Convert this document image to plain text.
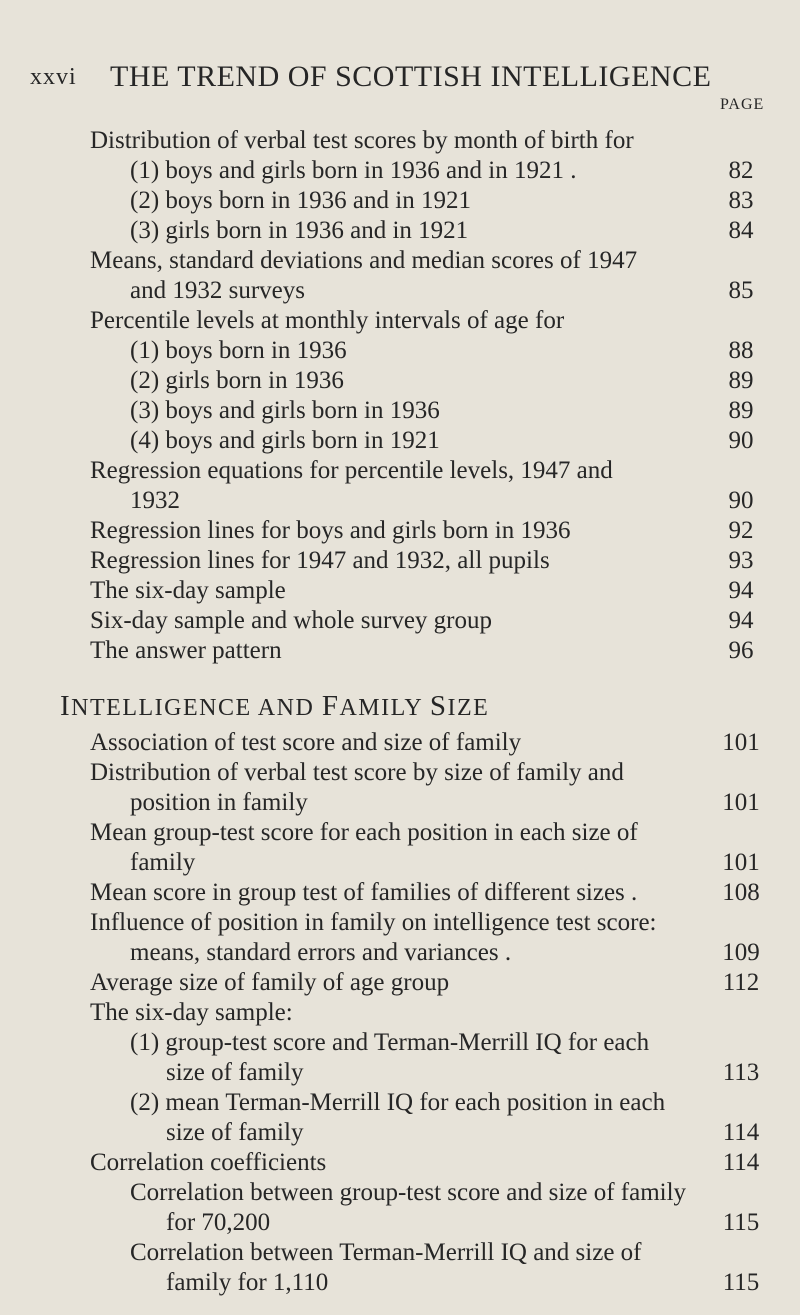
xxvi THE TREND OF SCOTTISH INTELLIGENCE
PAGE
Distribution of verbal test scores by month of birth for
(1) boys and girls born in 1936 and in 1921 .	82
(2) boys born in 1936 and in 1921	83
(3) girls born in 1936 and in 1921	84
Means, standard deviations and median scores of 1947
and 1932 surveys	85
Percentile levels at monthly intervals of age for
(1) boys born in 1936	88
(2) girls born in 1936	89
(3) boys and girls born in 1936	89
(4) boys and girls born in 1921	90
Regression equations for percentile levels, 1947 and
1932	90
Regression lines for boys and girls born in 1936	92
Regression lines for 1947 and 1932, all pupils	93
The six-day sample	94
Six-day sample and whole survey group	94
The answer pattern	96
INTELLIGENCE AND FAMILY SIZE
Association of test score and size of family	101
Distribution of verbal test score by size of family and
position in family	101
Mean group-test score for each position in each size of
family	101
Mean score in group test of families of different sizes .	108
Influence of position in family on intelligence test score:
means, standard errors and variances .	109
Average size of family of age group	112
The six-day sample:
(1) group-test score and Terman-Merrill IQ for each
size of family	113
(2) mean Terman-Merrill IQ for each position in each
size of family	114
Correlation coefficients	114
Correlation between group-test score and size of family
for 70,200	115
Correlation between Terman-Merrill IQ and size of
family for 1,110	115
